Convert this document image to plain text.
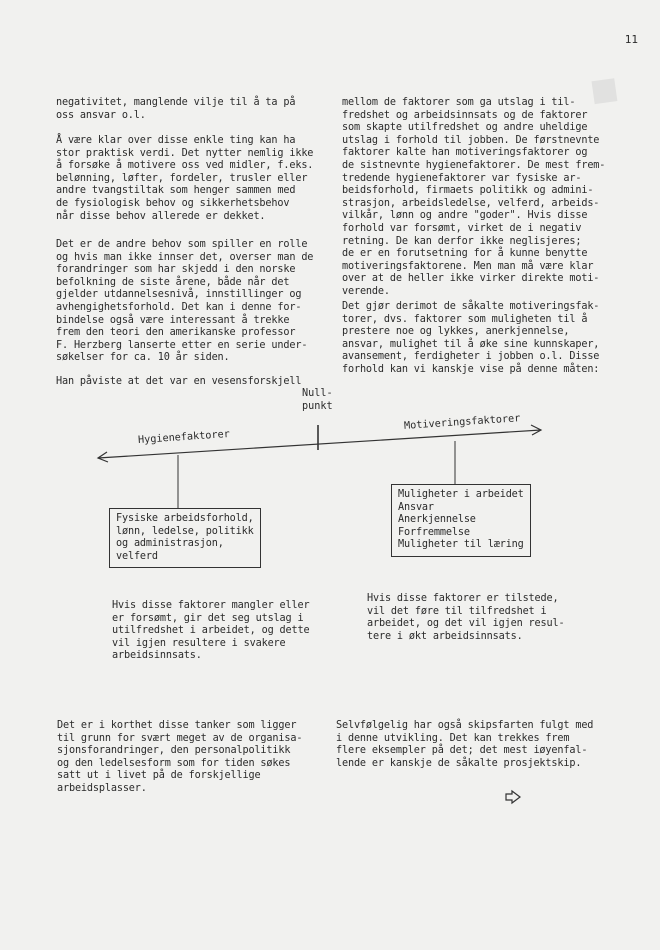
■
11
negativitet, manglende vilje til å ta på
oss ansvar o.l.
Å være klar over disse enkle ting kan ha
stor praktisk verdi. Det nytter nemlig ikke
å forsøke å motivere oss ved midler, f.eks.
belønning, løfter, fordeler, trusler eller
andre tvangstiltak som henger sammen med
de fysiologisk behov og sikkerhetsbehov
når disse behov allerede er dekket.
Det er de andre behov som spiller en rolle
og hvis man ikke innser det, overser man de
forandringer som har skjedd i den norske
befolkning de siste årene, både når det
gjelder utdannelsesnivå, innstillinger og
avhengighetsforhold. Det kan i denne for-
bindelse også være interessant å trekke
frem den teori den amerikanske professor
F. Herzberg lanserte etter en serie under-
søkelser for ca. 10 år siden.
Han påviste at det var en vesensforskjell
mellom de faktorer som ga utslag i til-
fredshet og arbeidsinnsats og de faktorer
som skapte utilfredshet og andre uheldige
utslag i forhold til jobben. De førstnevnte
faktorer kalte han motiveringsfaktorer og
de sistnevnte hygienefaktorer. De mest frem-
tredende hygienefaktorer var fysiske ar-
beidsforhold, firmaets politikk og admini-
strasjon, arbeidsledelse, velferd, arbeids-
vilkår, lønn og andre "goder". Hvis disse
forhold var forsømt, virket de i negativ
retning. De kan derfor ikke neglisjeres;
de er en forutsetning for å kunne benytte
motiveringsfaktorene. Men man må være klar
over at de heller ikke virker direkte moti-
verende.
Det gjør derimot de såkalte motiveringsfak-
torer, dvs. faktorer som muligheten til å
prestere noe og lykkes, anerkjennelse,
ansvar, mulighet til å øke sine kunnskaper,
avansement, ferdigheter i jobben o.l. Disse
forhold kan vi kanskje vise på denne måten:
Null-
punkt
Hygienefaktorer
Motiveringsfaktorer
Fysiske arbeidsforhold,
lønn, ledelse, politikk
og administrasjon,
velferd
Muligheter i arbeidet
Ansvar
Anerkjennelse
Forfremmelse
Muligheter til læring
Hvis disse faktorer mangler eller
er forsømt, gir det seg utslag i
utilfredshet i arbeidet, og dette
vil igjen resultere i svakere
arbeidsinnsats.
Hvis disse faktorer er tilstede,
vil det føre til tilfredshet i
arbeidet, og det vil igjen resul-
tere i økt arbeidsinnsats.
Det er i korthet disse tanker som ligger
til grunn for svært meget av de organisa-
sjonsforandringer, den personalpolitikk
og den ledelsesform som for tiden søkes
satt ut i livet på de forskjellige
arbeidsplasser.
Selvfølgelig har også skipsfarten fulgt med
i denne utvikling. Det kan trekkes frem
flere eksempler på det; det mest iøyenfal-
lende er kanskje de såkalte prosjektskip.
